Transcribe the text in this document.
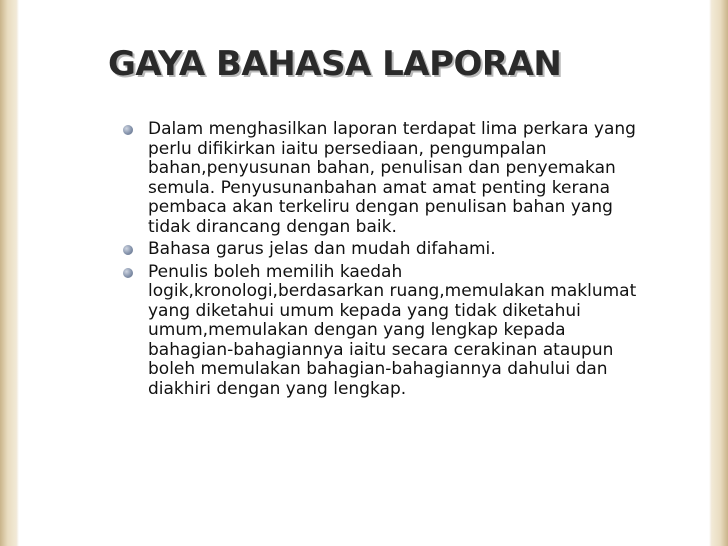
GAYA BAHASA LAPORAN
Dalam menghasilkan laporan terdapat lima perkara yang
perlu difikirkan iaitu persediaan, pengumpalan
bahan,penyusunan bahan, penulisan dan penyemakan
semula. Penyusunanbahan amat amat penting kerana
pembaca akan terkeliru dengan penulisan bahan yang
tidak dirancang dengan baik.
Bahasa garus jelas dan mudah difahami.
Penulis boleh memilih kaedah
logik,kronologi,berdasarkan ruang,memulakan maklumat
yang diketahui umum kepada yang tidak diketahui
umum,memulakan dengan yang lengkap kepada
bahagian-bahagiannya iaitu secara cerakinan ataupun
boleh memulakan bahagian-bahagiannya dahului dan
diakhiri dengan yang lengkap.
